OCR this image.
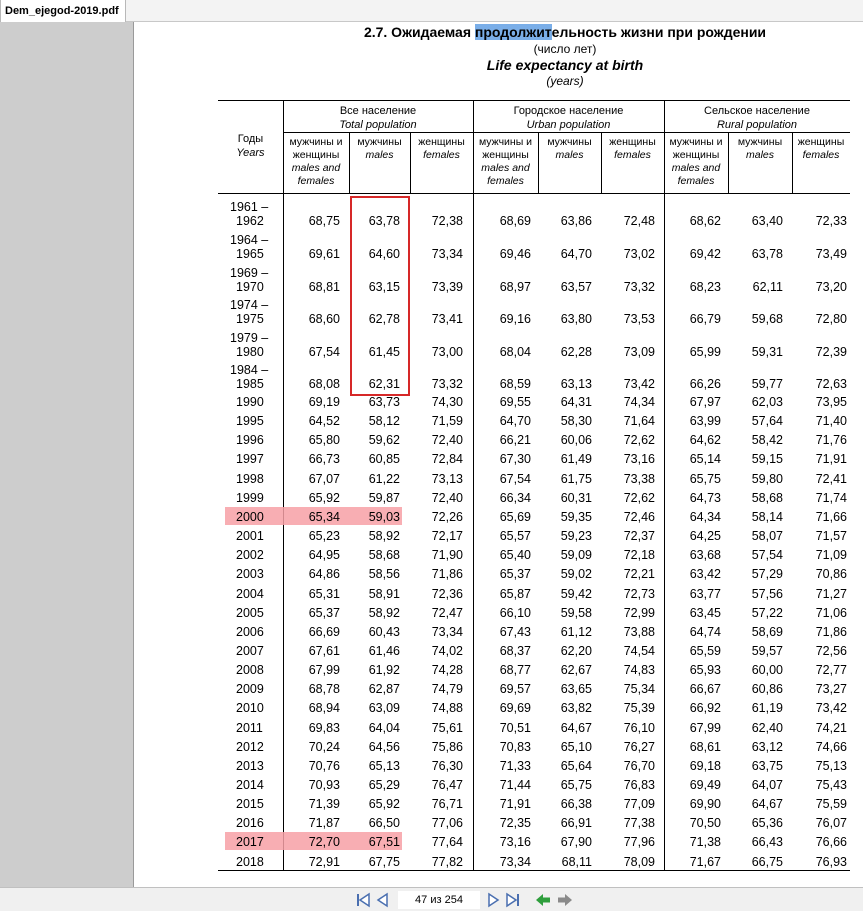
Dem_ejegod-2019.pdf
2.7. Ожидаемая продолжительность жизни при рождении
(число лет)
Life expectancy at birth
(years)
Годы
Years
Все население
Total population
Городское население
Urban population
Сельское население
Rural population
мужчины и женщины
males and females
мужчины
males
женщины
females
мужчины и женщины
males and females
мужчины
males
женщины
females
мужчины и женщины
males and females
мужчины
males
женщины
females
1961 –
1962	68,75	63,78	72,38	68,69	63,86	72,48	68,62	63,40	72,33
1964 –
1965	69,61	64,60	73,34	69,46	64,70	73,02	69,42	63,78	73,49
1969 –
1970	68,81	63,15	73,39	68,97	63,57	73,32	68,23	62,11	73,20
1974 –
1975	68,60	62,78	73,41	69,16	63,80	73,53	66,79	59,68	72,80
1979 –
1980	67,54	61,45	73,00	68,04	62,28	73,09	65,99	59,31	72,39
1984 –
1985	68,08	62,31	73,32	68,59	63,13	73,42	66,26	59,77	72,63
1990	69,19	63,73	74,30	69,55	64,31	74,34	67,97	62,03	73,95
1995	64,52	58,12	71,59	64,70	58,30	71,64	63,99	57,64	71,40
1996	65,80	59,62	72,40	66,21	60,06	72,62	64,62	58,42	71,76
1997	66,73	60,85	72,84	67,30	61,49	73,16	65,14	59,15	71,91
1998	67,07	61,22	73,13	67,54	61,75	73,38	65,75	59,80	72,41
1999	65,92	59,87	72,40	66,34	60,31	72,62	64,73	58,68	71,74
2000	65,34	59,03	72,26	65,69	59,35	72,46	64,34	58,14	71,66
2001	65,23	58,92	72,17	65,57	59,23	72,37	64,25	58,07	71,57
2002	64,95	58,68	71,90	65,40	59,09	72,18	63,68	57,54	71,09
2003	64,86	58,56	71,86	65,37	59,02	72,21	63,42	57,29	70,86
2004	65,31	58,91	72,36	65,87	59,42	72,73	63,77	57,56	71,27
2005	65,37	58,92	72,47	66,10	59,58	72,99	63,45	57,22	71,06
2006	66,69	60,43	73,34	67,43	61,12	73,88	64,74	58,69	71,86
2007	67,61	61,46	74,02	68,37	62,20	74,54	65,59	59,57	72,56
2008	67,99	61,92	74,28	68,77	62,67	74,83	65,93	60,00	72,77
2009	68,78	62,87	74,79	69,57	63,65	75,34	66,67	60,86	73,27
2010	68,94	63,09	74,88	69,69	63,82	75,39	66,92	61,19	73,42
2011	69,83	64,04	75,61	70,51	64,67	76,10	67,99	62,40	74,21
2012	70,24	64,56	75,86	70,83	65,10	76,27	68,61	63,12	74,66
2013	70,76	65,13	76,30	71,33	65,64	76,70	69,18	63,75	75,13
2014	70,93	65,29	76,47	71,44	65,75	76,83	69,49	64,07	75,43
2015	71,39	65,92	76,71	71,91	66,38	77,09	69,90	64,67	75,59
2016	71,87	66,50	77,06	72,35	66,91	77,38	70,50	65,36	76,07
2017	72,70	67,51	77,64	73,16	67,90	77,96	71,38	66,43	76,66
2018	72,91	67,75	77,82	73,34	68,11	78,09	71,67	66,75	76,93
47 из 254
